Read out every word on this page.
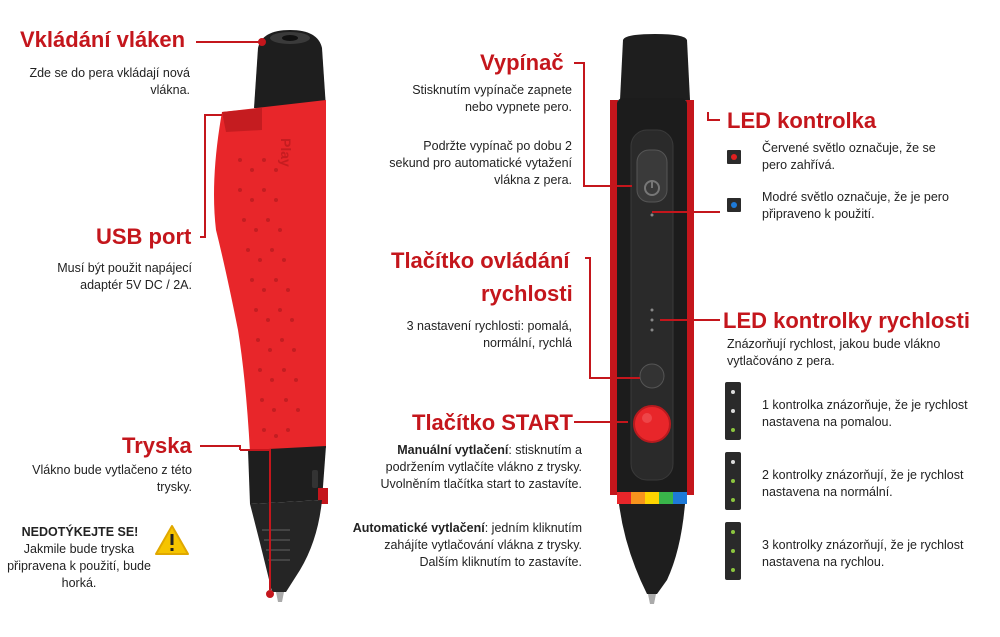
Play
Vkládání vláken
Zde se do pera vkládají nová vlákna.
USB port
Musí být použit napájecí adaptér 5V DC / 2A.
Tryska
Vlákno bude vytlačeno z této trysky.
NEDOTÝKEJTE SE!
Jakmile bude tryska připravena k použití, bude horká.
Vypínač
Stisknutím vypínače zapnete nebo vypnete pero.
Podržte vypínač po dobu 2 sekund pro automatické vytažení vlákna z pera.
Tlačítko ovládání
rychlosti
3 nastavení rychlosti: pomalá, normální, rychlá
Tlačítko START
Manuální vytlačení: stisknutím a podržením vytlačíte vlákno z trysky. Uvolněním tlačítka start to zastavíte.
Automatické vytlačení: jedním kliknutím zahájíte vytlačování vlákna z trysky. Dalším kliknutím to zastavíte.
LED kontrolka
Červené světlo označuje, že se pero zahřívá.
Modré světlo označuje, že je pero připraveno k použití.
LED kontrolky rychlosti
Znázorňují rychlost, jakou bude vlákno vytlačováno z pera.
1 kontrolka znázorňuje, že je rychlost nastavena na pomalou.
2 kontrolky znázorňují, že je rychlost nastavena na normální.
3 kontrolky znázorňují, že je rychlost nastavena na rychlou.
